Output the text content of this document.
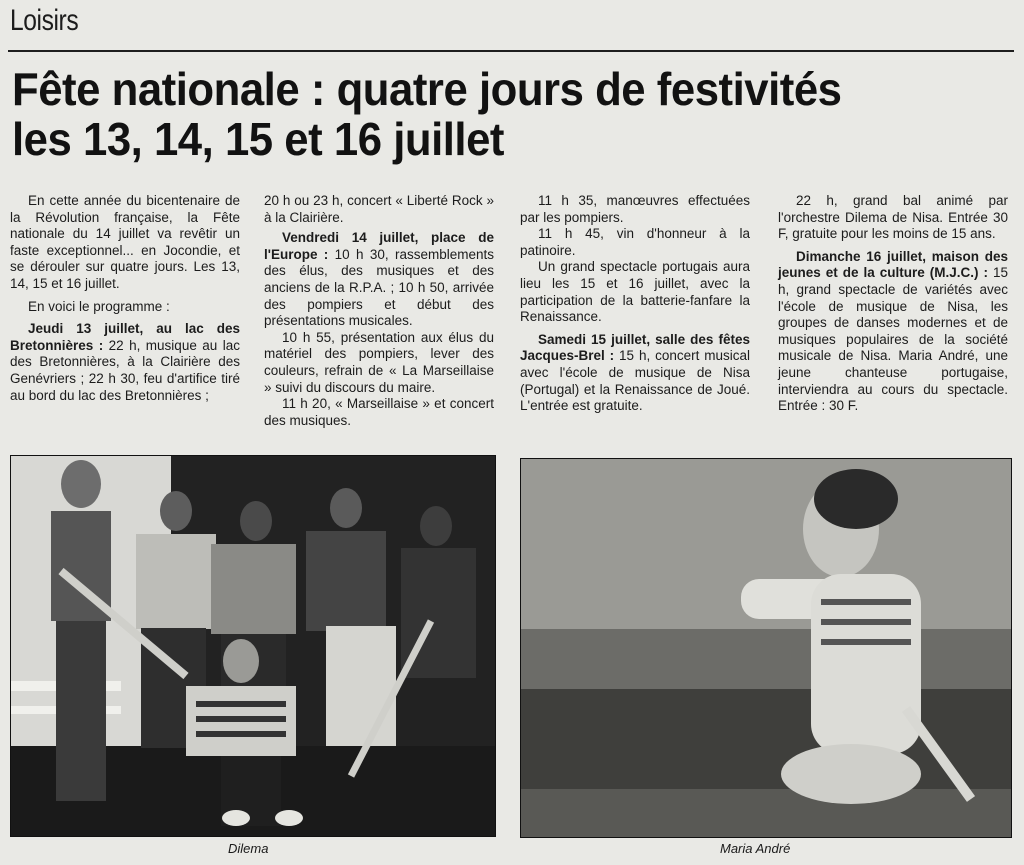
Loisirs
Fête nationale : quatre jours de festivités
les 13, 14, 15 et 16 juillet

En cette année du bicentenaire de la Révolution française, la Fête nationale du 14 juillet va revêtir un faste exceptionnel... en Jocondie, et se dérouler sur quatre jours. Les 13, 14, 15 et 16 juillet.

En voici le programme :

Jeudi 13 juillet, au lac des Bretonnières : 22 h, musique au lac des Bretonnières, à la Clairière des Genévriers ; 22 h 30, feu d'artifice tiré au bord du lac des Bretonnières ;

20 h ou 23 h, concert « Liberté Rock » à la Clairière.

Vendredi 14 juillet, place de l'Europe : 10 h 30, rassemblements des élus, des musiques et des anciens de la R.P.A. ; 10 h 50, arrivée des pompiers et début des présentations musicales.

10 h 55, présentation aux élus du matériel des pompiers, lever des couleurs, refrain de « La Marseillaise » suivi du discours du maire.

11 h 20, « Marseillaise » et concert des musiques.

11 h 35, manœuvres effectuées par les pompiers.

11 h 45, vin d'honneur à la patinoire.

Un grand spectacle portugais aura lieu les 15 et 16 juillet, avec la participation de la batterie-fanfare la Renaissance.

Samedi 15 juillet, salle des fêtes Jacques-Brel : 15 h, concert musical avec l'école de musique de Nisa (Portugal) et la Renaissance de Joué. L'entrée est gratuite.

22 h, grand bal animé par l'orchestre Dilema de Nisa. Entrée 30 F, gratuite pour les moins de 15 ans.

Dimanche 16 juillet, maison des jeunes et de la culture (M.J.C.) : 15 h, grand spectacle de variétés avec l'école de musique de Nisa, les groupes de danses modernes et de musiques populaires de la société musicale de Nisa. Maria André, une jeune chanteuse portugaise, interviendra au cours du spectacle. Entrée : 30 F.

Dilema	Maria André
